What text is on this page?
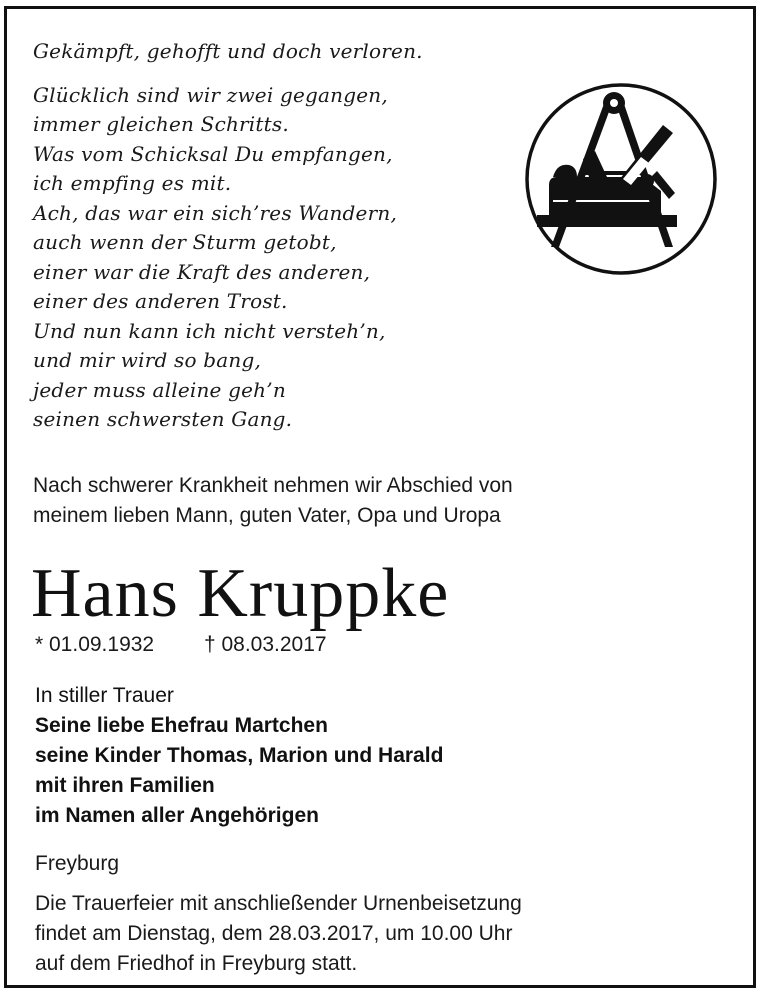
Gekämpft, gehofft und doch verloren.
Glücklich sind wir zwei gegangen,
immer gleichen Schritts.
Was vom Schicksal Du empfangen,
ich empfing es mit.
Ach, das war ein sich’res Wandern,
auch wenn der Sturm getobt,
einer war die Kraft des anderen,
einer des anderen Trost.
Und nun kann ich nicht versteh’n,
und mir wird so bang,
jeder muss alleine geh’n
seinen schwersten Gang.
Nach schwerer Krankheit nehmen wir Abschied von
meinem lieben Mann, guten Vater, Opa und Uropa
Hans Kruppke
* 01.09.1932 † 08.03.2017
In stiller Trauer
Seine liebe Ehefrau Martchen
seine Kinder Thomas, Marion und Harald
mit ihren Familien
im Namen aller Angehörigen
Freyburg
Die Trauerfeier mit anschließender Urnenbeisetzung
findet am Dienstag, dem 28.03.2017, um 10.00 Uhr
auf dem Friedhof in Freyburg statt.
